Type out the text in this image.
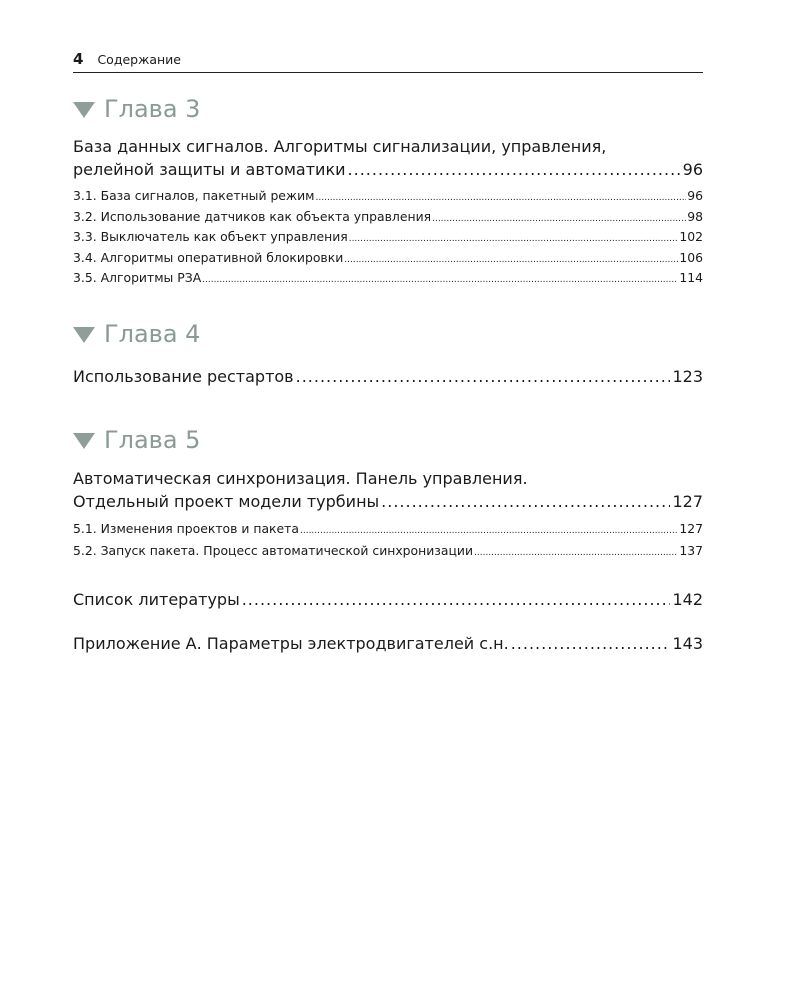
4 Содержание
Глава 3
База данных сигналов. Алгоритмы сигнализации, управления,
релейной защиты и автоматики .....	96
3.1. База сигналов, пакетный режим .....	96
3.2. Использование датчиков как объекта управления .....	98
3.3. Выключатель как объект управления .....	102
3.4. Алгоритмы оперативной блокировки .....	106
3.5. Алгоритмы РЗА .....	114
Глава 4
Использование рестартов .....	123
Глава 5
Автоматическая синхронизация. Панель управления.
Отдельный проект модели турбины .....	127
5.1. Изменения проектов и пакета .....	127
5.2. Запуск пакета. Процесс автоматической синхронизации .....	137
Список литературы .....	142
Приложение А. Параметры электродвигателей с.н. .....	143
